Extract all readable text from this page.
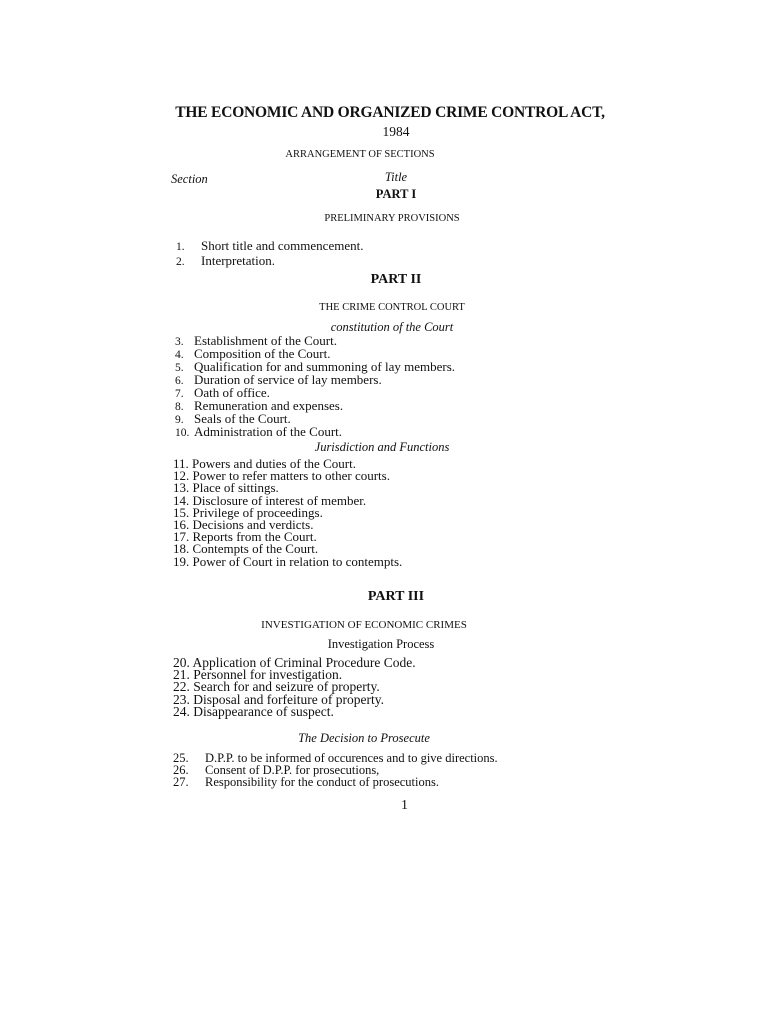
THE ECONOMIC AND ORGANIZED CRIME CONTROL ACT,
1984
ARRANGEMENT OF SECTIONS
Section	Title
PART I
PRELIMINARY PROVISIONS
1. Short title and commencement.
2. Interpretation.
PART II
THE CRIME CONTROL COURT
constitution of the Court
3. Establishment of the Court.
4. Composition of the Court.
5. Qualification for and summoning of lay members.
6. Duration of service of lay members.
7. Oath of office.
8. Remuneration and expenses.
9. Seals of the Court.
10. Administration of the Court.
Jurisdiction and Functions
11. Powers and duties of the Court.
12. Power to refer matters to other courts.
13. Place of sittings.
14. Disclosure of interest of member.
15. Privilege of proceedings.
16. Decisions and verdicts.
17. Reports from the Court.
18. Contempts of the Court.
19. Power of Court in relation to contempts.
PART III
INVESTIGATION OF ECONOMIC CRIMES
Investigation Process
20. Application of Criminal Procedure Code.
21. Personnel for investigation.
22. Search for and seizure of property.
23. Disposal and forfeiture of property.
24. Disappearance of suspect.
The Decision to Prosecute
25. D.P.P. to be informed of occurences and to give directions.
26. Consent of D.P.P. for prosecutions,
27. Responsibility for the conduct of prosecutions.
1
